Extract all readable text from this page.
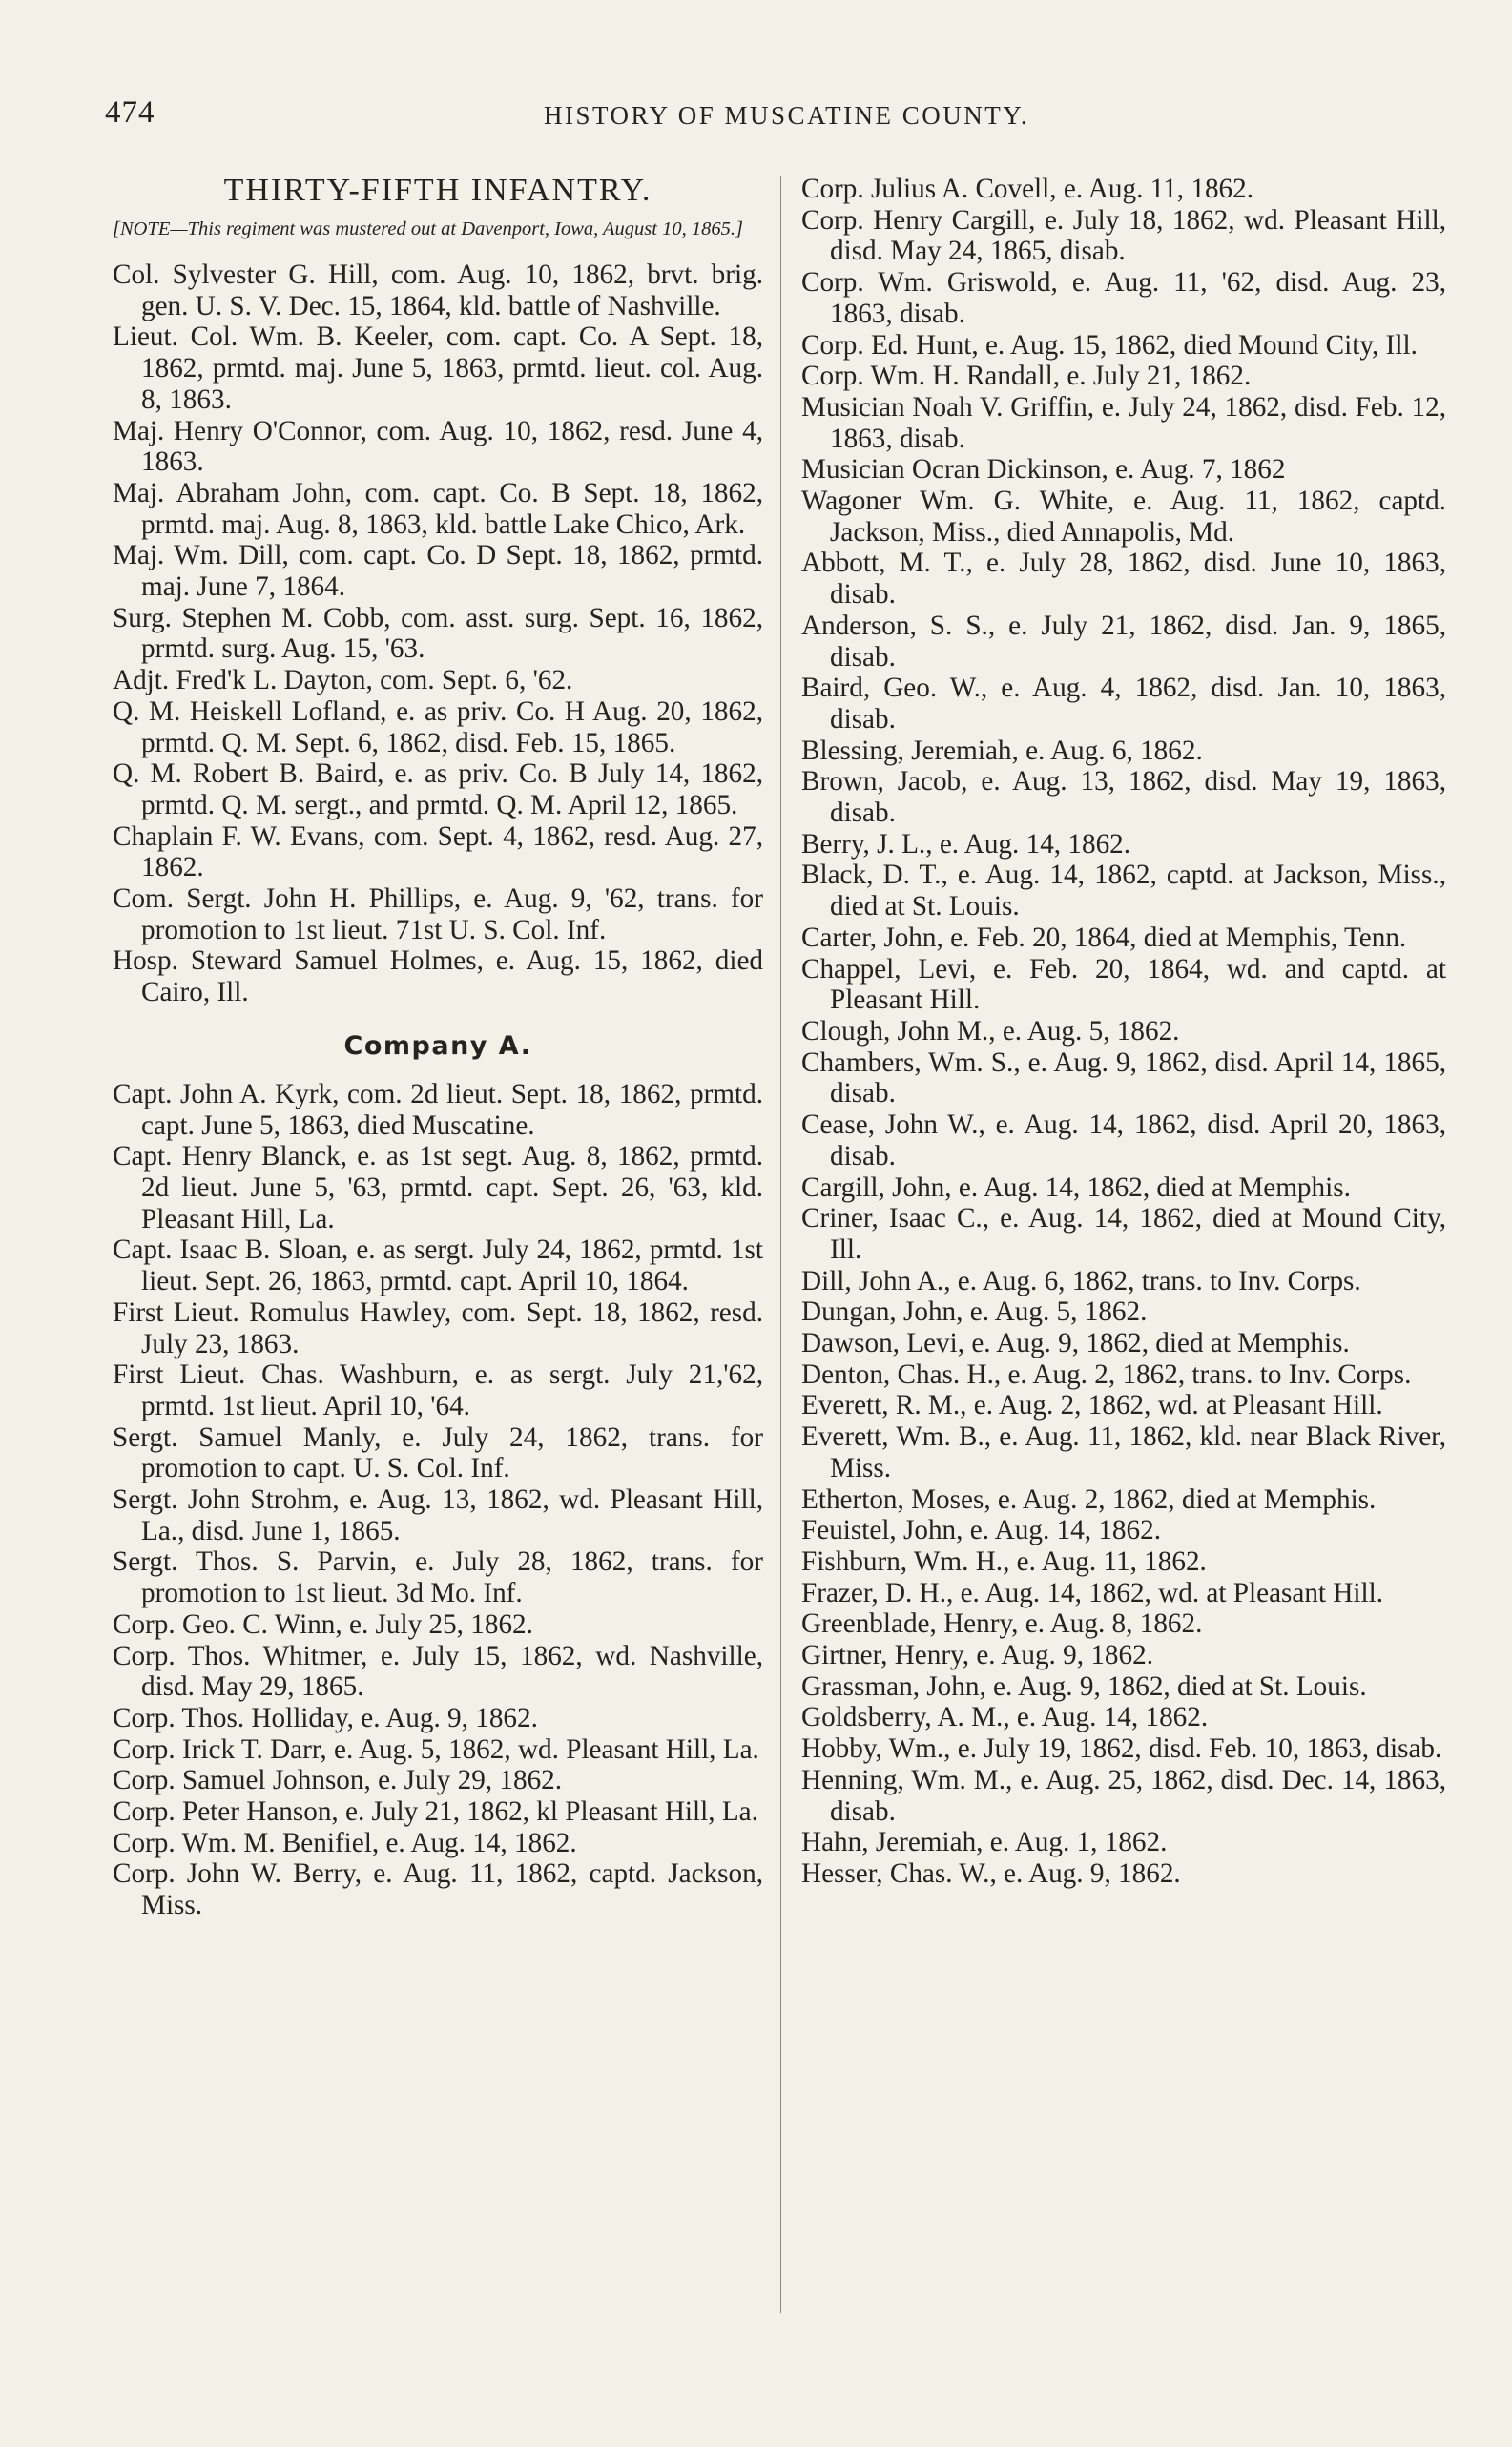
474	HISTORY OF MUSCATINE COUNTY.
THIRTY-FIFTH INFANTRY.
[NOTE—This regiment was mustered out at Davenport, Iowa, August 10, 1865.]

Col. Sylvester G. Hill, com. Aug. 10, 1862, brvt. brig. gen. U. S. V. Dec. 15, 1864, kld. battle of Nashville.

Lieut. Col. Wm. B. Keeler, com. capt. Co. A Sept. 18, 1862, prmtd. maj. June 5, 1863, prmtd. lieut. col. Aug. 8, 1863.

Maj. Henry O'Connor, com. Aug. 10, 1862, resd. June 4, 1863.

Maj. Abraham John, com. capt. Co. B Sept. 18, 1862, prmtd. maj. Aug. 8, 1863, kld. battle Lake Chico, Ark.

Maj. Wm. Dill, com. capt. Co. D Sept. 18, 1862, prmtd. maj. June 7, 1864.

Surg. Stephen M. Cobb, com. asst. surg. Sept. 16, 1862, prmtd. surg. Aug. 15, '63.

Adjt. Fred'k L. Dayton, com. Sept. 6, '62.

Q. M. Heiskell Lofland, e. as priv. Co. H Aug. 20, 1862, prmtd. Q. M. Sept. 6, 1862, disd. Feb. 15, 1865.

Q. M. Robert B. Baird, e. as priv. Co. B July 14, 1862, prmtd. Q. M. sergt., and prmtd. Q. M. April 12, 1865.

Chaplain F. W. Evans, com. Sept. 4, 1862, resd. Aug. 27, 1862.

Com. Sergt. John H. Phillips, e. Aug. 9, '62, trans. for promotion to 1st lieut. 71st U. S. Col. Inf.

Hosp. Steward Samuel Holmes, e. Aug. 15, 1862, died Cairo, Ill.

Company A.

Capt. John A. Kyrk, com. 2d lieut. Sept. 18, 1862, prmtd. capt. June 5, 1863, died Muscatine.

Capt. Henry Blanck, e. as 1st segt. Aug. 8, 1862, prmtd. 2d lieut. June 5, '63, prmtd. capt. Sept. 26, '63, kld. Pleasant Hill, La.

Capt. Isaac B. Sloan, e. as sergt. July 24, 1862, prmtd. 1st lieut. Sept. 26, 1863, prmtd. capt. April 10, 1864.

First Lieut. Romulus Hawley, com. Sept. 18, 1862, resd. July 23, 1863.

First Lieut. Chas. Washburn, e. as sergt. July 21,'62, prmtd. 1st lieut. April 10, '64.

Sergt. Samuel Manly, e. July 24, 1862, trans. for promotion to capt. U. S. Col. Inf.

Sergt. John Strohm, e. Aug. 13, 1862, wd. Pleasant Hill, La., disd. June 1, 1865.

Sergt. Thos. S. Parvin, e. July 28, 1862, trans. for promotion to 1st lieut. 3d Mo. Inf.

Corp. Geo. C. Winn, e. July 25, 1862.

Corp. Thos. Whitmer, e. July 15, 1862, wd. Nashville, disd. May 29, 1865.

Corp. Thos. Holliday, e. Aug. 9, 1862.

Corp. Irick T. Darr, e. Aug. 5, 1862, wd. Pleasant Hill, La.

Corp. Samuel Johnson, e. July 29, 1862.

Corp. Peter Hanson, e. July 21, 1862, kl Pleasant Hill, La.

Corp. Wm. M. Benifiel, e. Aug. 14, 1862.

Corp. John W. Berry, e. Aug. 11, 1862, captd. Jackson, Miss.

Corp. Julius A. Covell, e. Aug. 11, 1862.

Corp. Henry Cargill, e. July 18, 1862, wd. Pleasant Hill, disd. May 24, 1865, disab.

Corp. Wm. Griswold, e. Aug. 11, '62, disd. Aug. 23, 1863, disab.

Corp. Ed. Hunt, e. Aug. 15, 1862, died Mound City, Ill.

Corp. Wm. H. Randall, e. July 21, 1862.

Musician Noah V. Griffin, e. July 24, 1862, disd. Feb. 12, 1863, disab.

Musician Ocran Dickinson, e. Aug. 7, 1862

Wagoner Wm. G. White, e. Aug. 11, 1862, captd. Jackson, Miss., died Annapolis, Md.

Abbott, M. T., e. July 28, 1862, disd. June 10, 1863, disab.

Anderson, S. S., e. July 21, 1862, disd. Jan. 9, 1865, disab.

Baird, Geo. W., e. Aug. 4, 1862, disd. Jan. 10, 1863, disab.

Blessing, Jeremiah, e. Aug. 6, 1862.

Brown, Jacob, e. Aug. 13, 1862, disd. May 19, 1863, disab.

Berry, J. L., e. Aug. 14, 1862.

Black, D. T., e. Aug. 14, 1862, captd. at Jackson, Miss., died at St. Louis.

Carter, John, e. Feb. 20, 1864, died at Memphis, Tenn.

Chappel, Levi, e. Feb. 20, 1864, wd. and captd. at Pleasant Hill.

Clough, John M., e. Aug. 5, 1862.

Chambers, Wm. S., e. Aug. 9, 1862, disd. April 14, 1865, disab.

Cease, John W., e. Aug. 14, 1862, disd. April 20, 1863, disab.

Cargill, John, e. Aug. 14, 1862, died at Memphis.

Criner, Isaac C., e. Aug. 14, 1862, died at Mound City, Ill.

Dill, John A., e. Aug. 6, 1862, trans. to Inv. Corps.

Dungan, John, e. Aug. 5, 1862.

Dawson, Levi, e. Aug. 9, 1862, died at Memphis.

Denton, Chas. H., e. Aug. 2, 1862, trans. to Inv. Corps.

Everett, R. M., e. Aug. 2, 1862, wd. at Pleasant Hill.

Everett, Wm. B., e. Aug. 11, 1862, kld. near Black River, Miss.

Etherton, Moses, e. Aug. 2, 1862, died at Memphis.

Feuistel, John, e. Aug. 14, 1862.

Fishburn, Wm. H., e. Aug. 11, 1862.

Frazer, D. H., e. Aug. 14, 1862, wd. at Pleasant Hill.

Greenblade, Henry, e. Aug. 8, 1862.

Girtner, Henry, e. Aug. 9, 1862.

Grassman, John, e. Aug. 9, 1862, died at St. Louis.

Goldsberry, A. M., e. Aug. 14, 1862.

Hobby, Wm., e. July 19, 1862, disd. Feb. 10, 1863, disab.

Henning, Wm. M., e. Aug. 25, 1862, disd. Dec. 14, 1863, disab.

Hahn, Jeremiah, e. Aug. 1, 1862.

Hesser, Chas. W., e. Aug. 9, 1862.
